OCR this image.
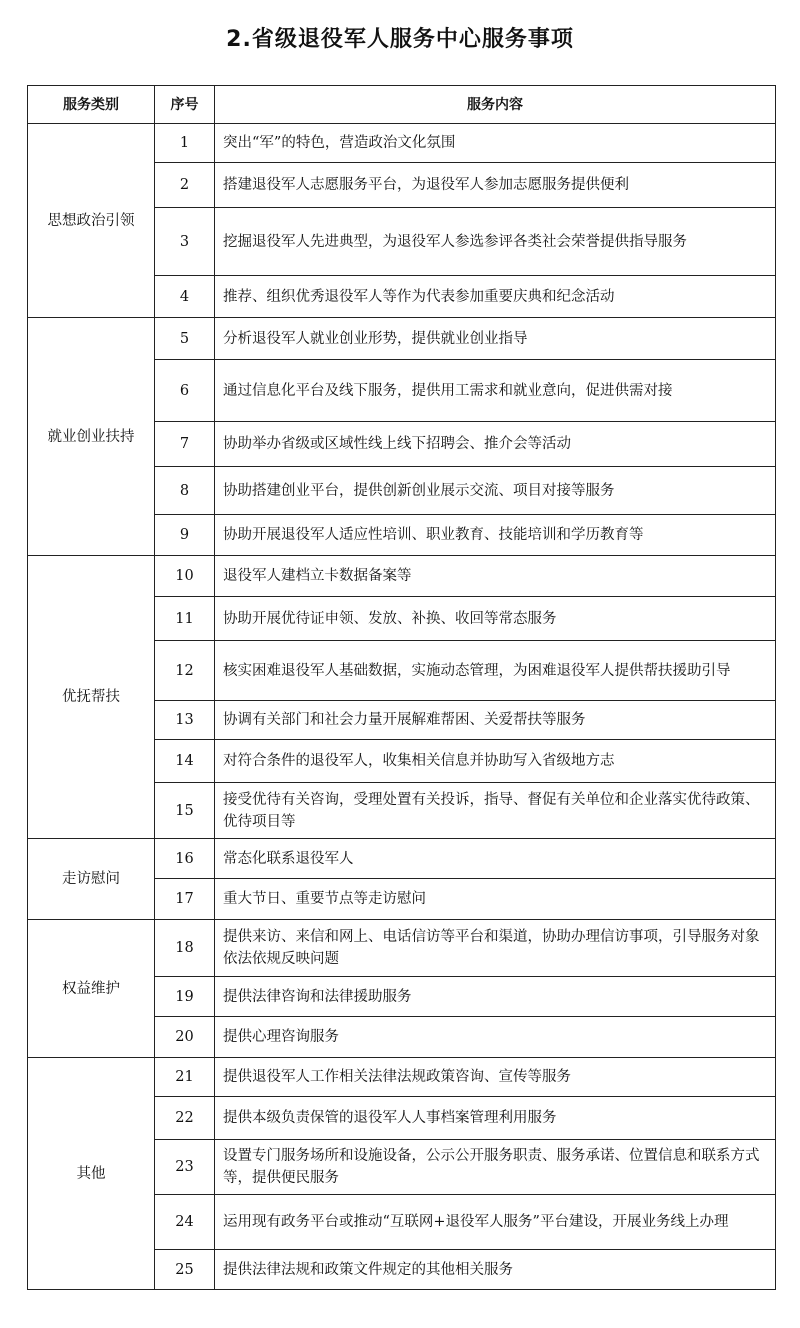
2.省级退役军人服务中心服务事项
服务类别	序号	服务内容
思想政治引领	1	突出“军”的特色，营造政治文化氛围
	2	搭建退役军人志愿服务平台，为退役军人参加志愿服务提供便利
	3	挖掘退役军人先进典型，为退役军人参选参评各类社会荣誉提供指导服务
	4	推荐、组织优秀退役军人等作为代表参加重要庆典和纪念活动
就业创业扶持	5	分析退役军人就业创业形势，提供就业创业指导
	6	通过信息化平台及线下服务，提供用工需求和就业意向，促进供需对接
	7	协助举办省级或区域性线上线下招聘会、推介会等活动
	8	协助搭建创业平台，提供创新创业展示交流、项目对接等服务
	9	协助开展退役军人适应性培训、职业教育、技能培训和学历教育等
优抚帮扶	10	退役军人建档立卡数据备案等
	11	协助开展优待证申领、发放、补换、收回等常态服务
	12	核实困难退役军人基础数据，实施动态管理，为困难退役军人提供帮扶援助引导
	13	协调有关部门和社会力量开展解难帮困、关爱帮扶等服务
	14	对符合条件的退役军人，收集相关信息并协助写入省级地方志
	15	接受优待有关咨询，受理处置有关投诉，指导、督促有关单位和企业落实优待政策、优待项目等
走访慰问	16	常态化联系退役军人
	17	重大节日、重要节点等走访慰问
权益维护	18	提供来访、来信和网上、电话信访等平台和渠道，协助办理信访事项，引导服务对象依法依规反映问题
	19	提供法律咨询和法律援助服务
	20	提供心理咨询服务
其他	21	提供退役军人工作相关法律法规政策咨询、宣传等服务
	22	提供本级负责保管的退役军人人事档案管理利用服务
	23	设置专门服务场所和设施设备，公示公开服务职责、服务承诺、位置信息和联系方式等，提供便民服务
	24	运用现有政务平台或推动“互联网+退役军人服务”平台建设，开展业务线上办理
	25	提供法律法规和政策文件规定的其他相关服务
